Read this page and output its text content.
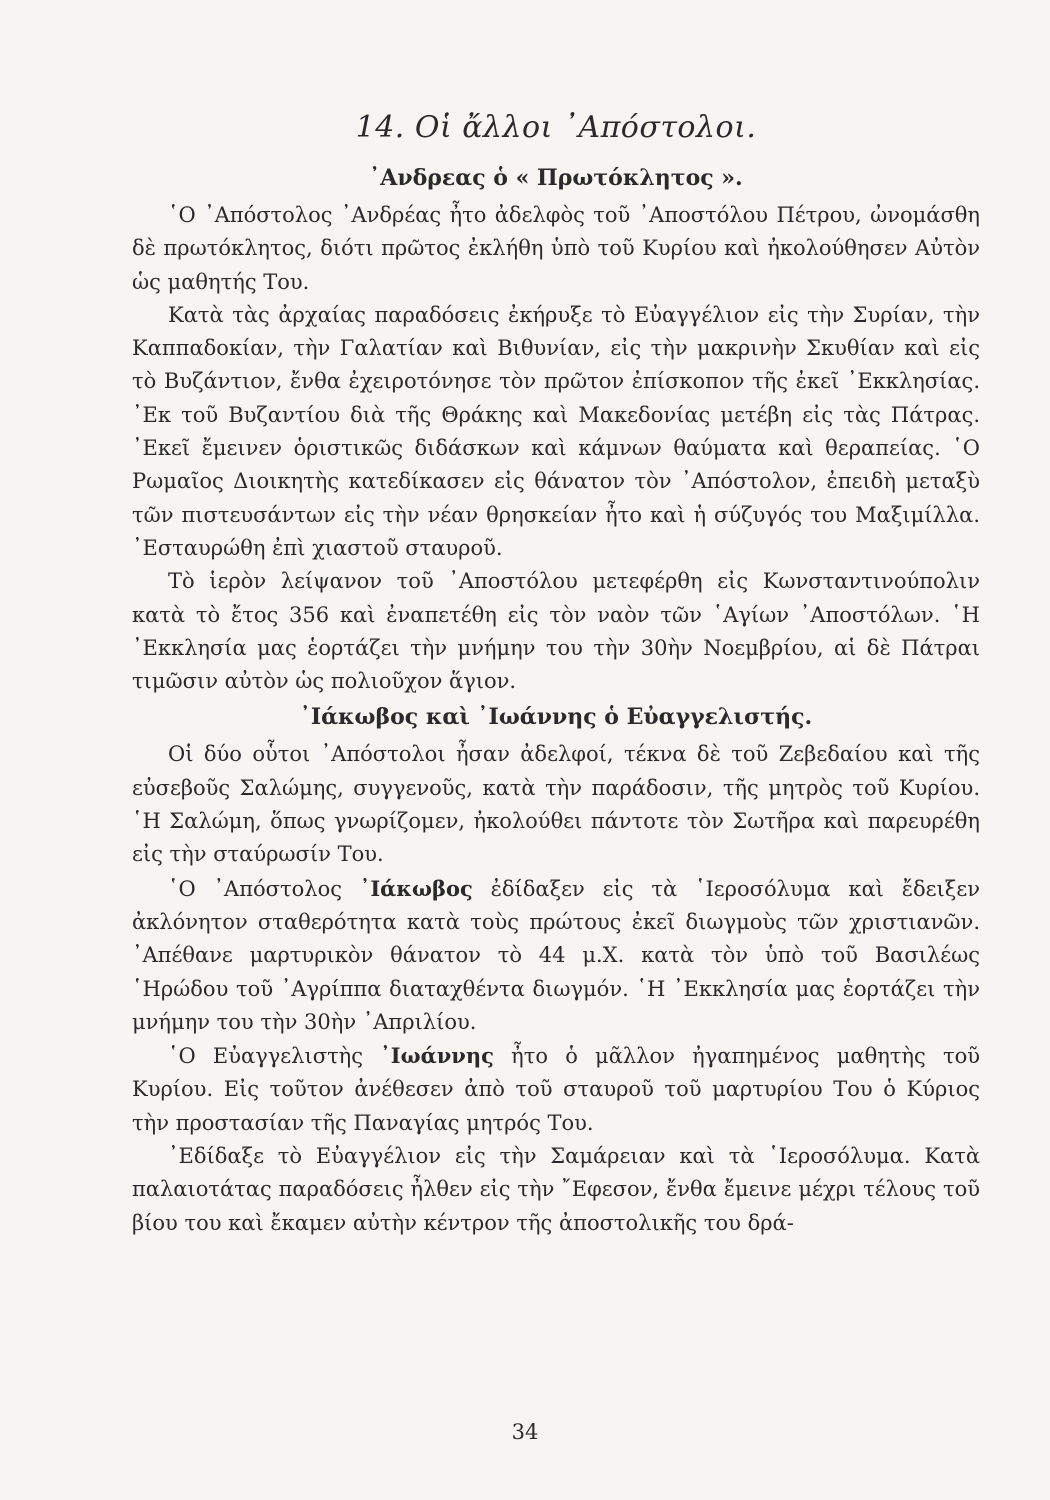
14. Οἱ ἄλλοι ᾿Απόστολοι.
᾿Ανδρεας ὁ « Πρωτόκλητος ».

῾Ο ᾿Απόστολος ᾿Ανδρέας ἦτο ἀδελφὸς τοῦ ᾿Αποστόλου Πέτρου, ὠνομάσθη δὲ πρωτόκλητος, διότι πρῶτος ἐκλήθη ὑπὸ τοῦ Κυρίου καὶ ἠκολούθησεν Αὐτὸν ὡς μαθητής Του.

Κατὰ τὰς ἀρχαίας παραδόσεις ἐκήρυξε τὸ Εὐαγγέλιον εἰς τὴν Συρίαν, τὴν Καππαδοκίαν, τὴν Γαλατίαν καὶ Βιθυνίαν, εἰς τὴν μακρινὴν Σκυθίαν καὶ εἰς τὸ Βυζάντιον, ἔνθα ἐχειροτόνησε τὸν πρῶτον ἐπίσκοπον τῆς ἐκεῖ ᾿Εκκλησίας. ᾿Εκ τοῦ Βυζαντίου διὰ τῆς Θράκης καὶ Μακεδονίας μετέβη εἰς τὰς Πάτρας. ᾿Εκεῖ ἔμεινεν ὁριστικῶς διδάσκων καὶ κάμνων θαύματα καὶ θεραπείας. ῾Ο Ρωμαῖος Διοικητὴς κατεδίκασεν εἰς θάνατον τὸν ᾿Απόστολον, ἐπειδὴ μεταξὺ τῶν πιστευσάντων εἰς τὴν νέαν θρησκείαν ἦτο καὶ ἡ σύζυγός του Μαξιμίλλα. ᾿Εσταυρώθη ἐπὶ χιαστοῦ σταυροῦ.

Τὸ ἱερὸν λείψανον τοῦ ᾿Αποστόλου μετεφέρθη εἰς Κωνσταντινούπολιν κατὰ τὸ ἔτος 356 καὶ ἐναπετέθη εἰς τὸν ναὸν τῶν ῾Αγίων ᾿Αποστόλων. ῾Η ᾿Εκκλησία μας ἑορτάζει τὴν μνήμην του τὴν 30ὴν Νοεμβρίου, αἱ δὲ Πάτραι τιμῶσιν αὐτὸν ὡς πολιοῦχον ἅγιον.

᾿Ιάκωβος καὶ ᾿Ιωάννης ὁ Εὐαγγελιστής.

Οἱ δύο οὗτοι ᾿Απόστολοι ἦσαν ἀδελφοί, τέκνα δὲ τοῦ Ζεβεδαίου καὶ τῆς εὐσεβοῦς Σαλώμης, συγγενοῦς, κατὰ τὴν παράδοσιν, τῆς μητρὸς τοῦ Κυρίου. ῾Η Σαλώμη, ὅπως γνωρίζομεν, ἠκολούθει πάντοτε τὸν Σωτῆρα καὶ παρευρέθη εἰς τὴν σταύρωσίν Του.

῾Ο ᾿Απόστολος ᾿Ιάκωβος ἐδίδαξεν εἰς τὰ ῾Ιεροσόλυμα καὶ ἔδειξεν ἀκλόνητον σταθερότητα κατὰ τοὺς πρώτους ἐκεῖ διωγμοὺς τῶν χριστιανῶν. ᾿Απέθανε μαρτυρικὸν θάνατον τὸ 44 μ.Χ. κατὰ τὸν ὑπὸ τοῦ Βασιλέως ῾Ηρώδου τοῦ ᾿Αγρίππα διαταχθέντα διωγμόν. ῾Η ᾿Εκκλησία μας ἑορτάζει τὴν μνήμην του τὴν 30ὴν ᾿Απριλίου.

῾Ο Εὐαγγελιστὴς ᾿Ιωάννης ἦτο ὁ μᾶλλον ἠγαπημένος μαθητὴς τοῦ Κυρίου. Εἰς τοῦτον ἀνέθεσεν ἀπὸ τοῦ σταυροῦ τοῦ μαρτυρίου Του ὁ Κύριος τὴν προστασίαν τῆς Παναγίας μητρός Του.

᾿Εδίδαξε τὸ Εὐαγγέλιον εἰς τὴν Σαμάρειαν καὶ τὰ ῾Ιεροσόλυμα. Κατὰ παλαιοτάτας παραδόσεις ἦλθεν εἰς τὴν ῎Εφεσον, ἔνθα ἔμεινε μέχρι τέλους τοῦ βίου του καὶ ἔκαμεν αὐτὴν κέντρον τῆς ἀποστολικῆς του δρά-

34
